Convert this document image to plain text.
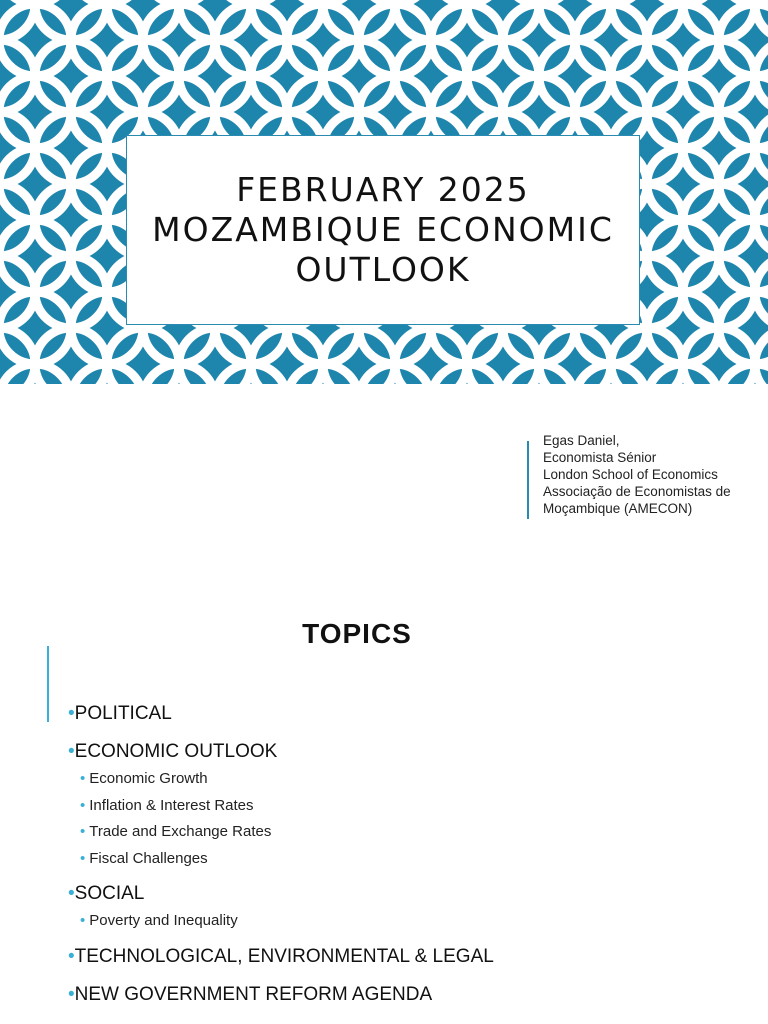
FEBRUARY 2025
MOZAMBIQUE ECONOMIC
OUTLOOK
Egas Daniel,
Economista Sénior
London School of Economics
Associação de Economistas de
Moçambique (AMECON)
TOPICS
•POLITICAL
•ECONOMIC OUTLOOK
• Economic Growth
• Inflation & Interest Rates
• Trade and Exchange Rates
• Fiscal Challenges
•SOCIAL
• Poverty and Inequality
•TECHNOLOGICAL, ENVIRONMENTAL & LEGAL
•NEW GOVERNMENT REFORM AGENDA
